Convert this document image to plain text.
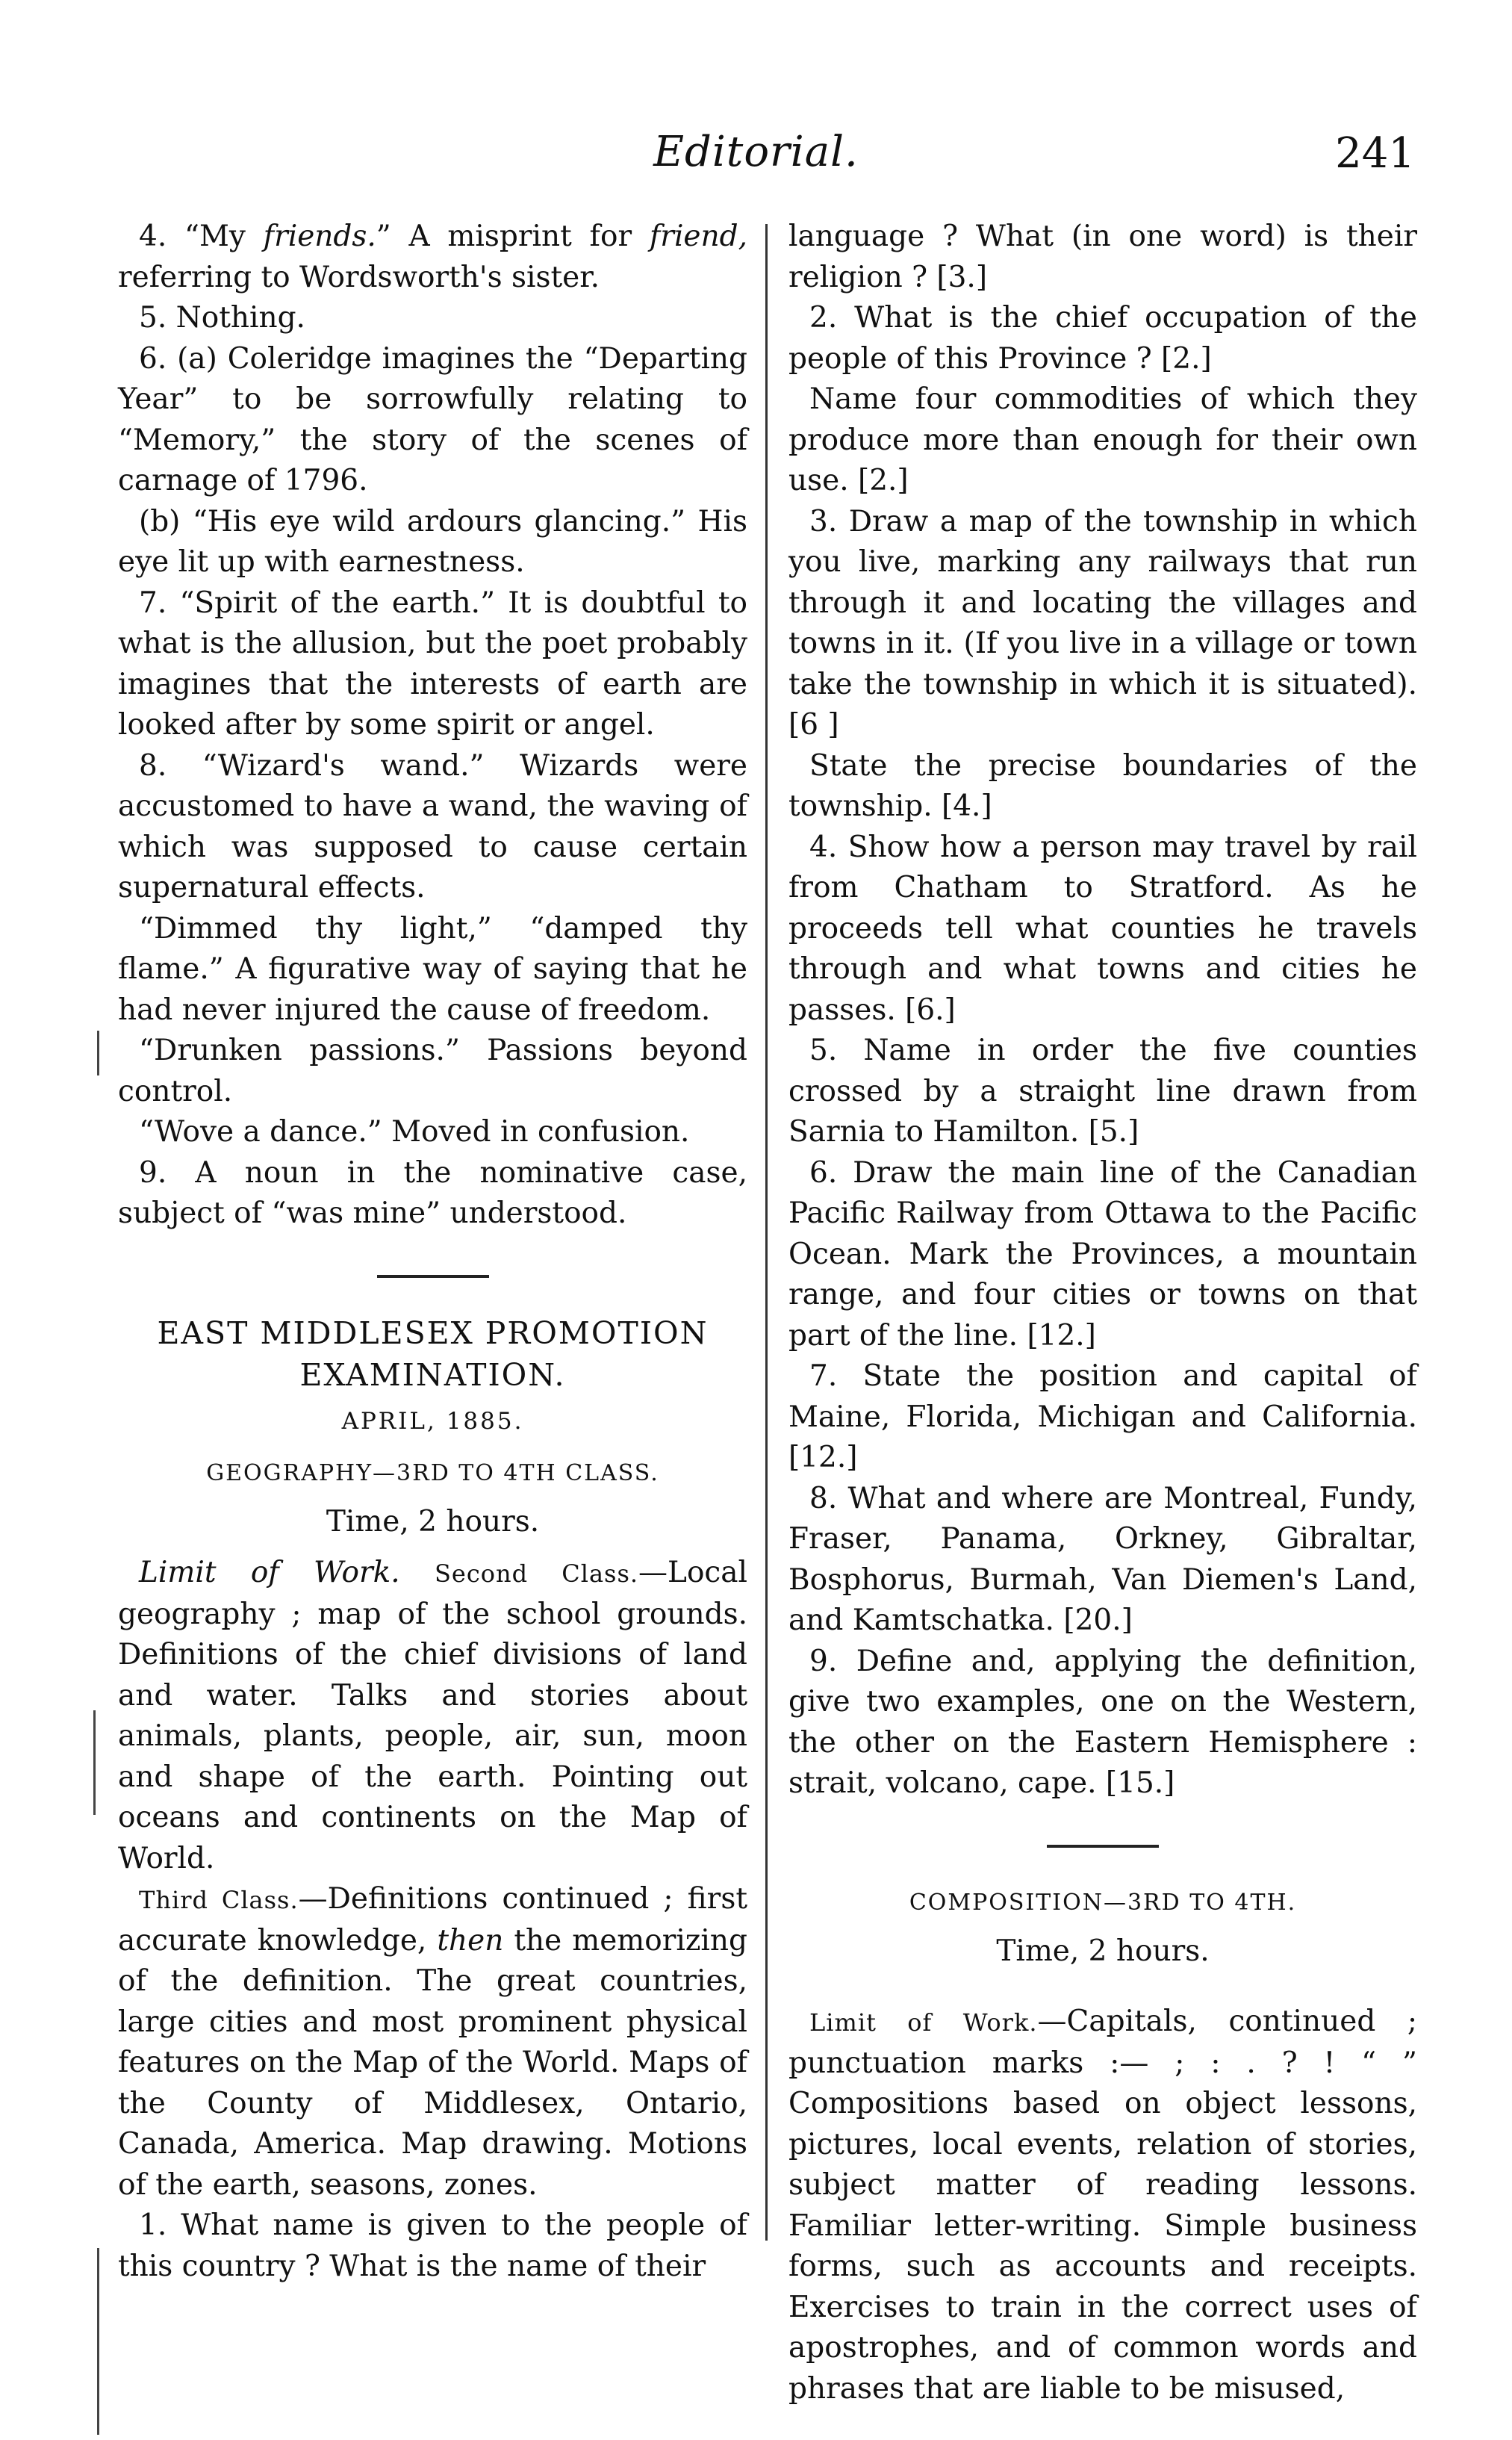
Editorial.	241

4. “My friends.” A misprint for friend, referring to Wordsworth's sister.

5. Nothing.

6. (a) Coleridge imagines the “Departing Year” to be sorrowfully relating to “Memory,” the story of the scenes of carnage of 1796.

(b) “His eye wild ardours glancing.” His eye lit up with earnestness.

7. “Spirit of the earth.” It is doubtful to what is the allusion, but the poet probably imagines that the interests of earth are looked after by some spirit or angel.

8. “Wizard's wand.” Wizards were accustomed to have a wand, the waving of which was supposed to cause certain supernatural effects.

“Dimmed thy light,” “damped thy flame.” A figurative way of saying that he had never injured the cause of freedom.

“Drunken passions.” Passions beyond control.

“Wove a dance.” Moved in confusion.

9. A noun in the nominative case, subject of “was mine” understood.

EAST MIDDLESEX PROMOTION

EXAMINATION.

APRIL, 1885.

GEOGRAPHY—3RD TO 4TH CLASS.

Time, 2 hours.

Limit of Work. Second Class.—Local geography ; map of the school grounds. Definitions of the chief divisions of land and water. Talks and stories about animals, plants, people, air, sun, moon and shape of the earth. Pointing out oceans and continents on the Map of World.

Third Class.—Definitions continued ; first accurate knowledge, then the memorizing of the definition. The great countries, large cities and most prominent physical features on the Map of the World. Maps of the County of Middlesex, Ontario, Canada, America. Map drawing. Motions of the earth, seasons, zones.

1. What name is given to the people of this country ? What is the name of their

language ? What (in one word) is their religion ? [3.]

2. What is the chief occupation of the people of this Province ? [2.]

Name four commodities of which they produce more than enough for their own use. [2.]

3. Draw a map of the township in which you live, marking any railways that run through it and locating the villages and towns in it. (If you live in a village or town take the township in which it is situated). [6 ]

State the precise boundaries of the township. [4.]

4. Show how a person may travel by rail from Chatham to Stratford. As he proceeds tell what counties he travels through and what towns and cities he passes. [6.]

5. Name in order the five counties crossed by a straight line drawn from Sarnia to Hamilton. [5.]

6. Draw the main line of the Canadian Pacific Railway from Ottawa to the Pacific Ocean. Mark the Provinces, a mountain range, and four cities or towns on that part of the line. [12.]

7. State the position and capital of Maine, Florida, Michigan and California. [12.]

8. What and where are Montreal, Fundy, Fraser, Panama, Orkney, Gibraltar, Bosphorus, Burmah, Van Diemen's Land, and Kamtschatka. [20.]

9. Define and, applying the definition, give two examples, one on the Western, the other on the Eastern Hemisphere : strait, volcano, cape. [15.]

COMPOSITION—3RD TO 4TH.

Time, 2 hours.

Limit of Work.—Capitals, continued ; punctuation marks :— ; : . ? ! “ ” Compositions based on object lessons, pictures, local events, relation of stories, subject matter of reading lessons. Familiar letter-writing. Simple business forms, such as accounts and receipts. Exercises to train in the correct uses of apostrophes, and of common words and phrases that are liable to be misused,
